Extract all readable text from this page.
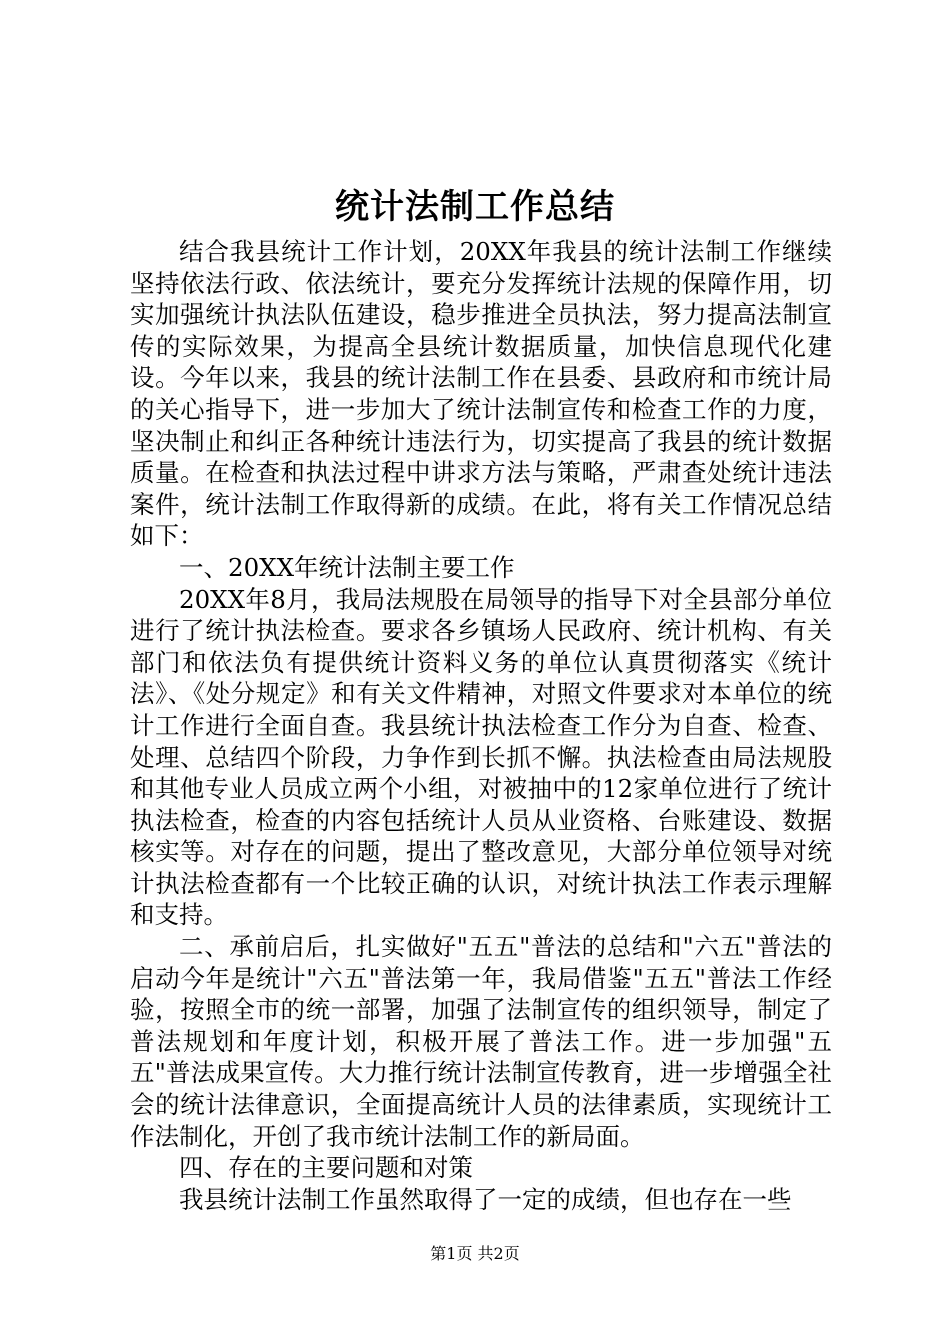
统计法制工作总结

结合我县统计工作计划，20XX年我县的统计法制工作继续坚持依法行政、依法统计，要充分发挥统计法规的保障作用，切实加强统计执法队伍建设，稳步推进全员执法，努力提高法制宣传的实际效果，为提高全县统计数据质量，加快信息现代化建设。今年以来，我县的统计法制工作在县委、县政府和市统计局的关心指导下，进一步加大了统计法制宣传和检查工作的力度，坚决制止和纠正各种统计违法行为，切实提高了我县的统计数据质量。在检查和执法过程中讲求方法与策略，严肃查处统计违法案件，统计法制工作取得新的成绩。在此，将有关工作情况总结如下：

一、20XX年统计法制主要工作

20XX年8月，我局法规股在局领导的指导下对全县部分单位进行了统计执法检查。要求各乡镇场人民政府、统计机构、有关部门和依法负有提供统计资料义务的单位认真贯彻落实《统计法》、《处分规定》和有关文件精神，对照文件要求对本单位的统计工作进行全面自查。我县统计执法检查工作分为自查、检查、处理、总结四个阶段，力争作到长抓不懈。执法检查由局法规股和其他专业人员成立两个小组，对被抽中的12家单位进行了统计执法检查，检查的内容包括统计人员从业资格、台账建设、数据核实等。对存在的问题，提出了整改意见，大部分单位领导对统计执法检查都有一个比较正确的认识，对统计执法工作表示理解和支持。

二、承前启后，扎实做好"五五"普法的总结和"六五"普法的启动今年是统计"六五"普法第一年，我局借鉴"五五"普法工作经验，按照全市的统一部署，加强了法制宣传的组织领导，制定了普法规划和年度计划，积极开展了普法工作。进一步加强"五五"普法成果宣传。大力推行统计法制宣传教育，进一步增强全社会的统计法律意识，全面提高统计人员的法律素质，实现统计工作法制化，开创了我市统计法制工作的新局面。

四、存在的主要问题和对策

我县统计法制工作虽然取得了一定的成绩，但也存在一些

第1页 共2页
